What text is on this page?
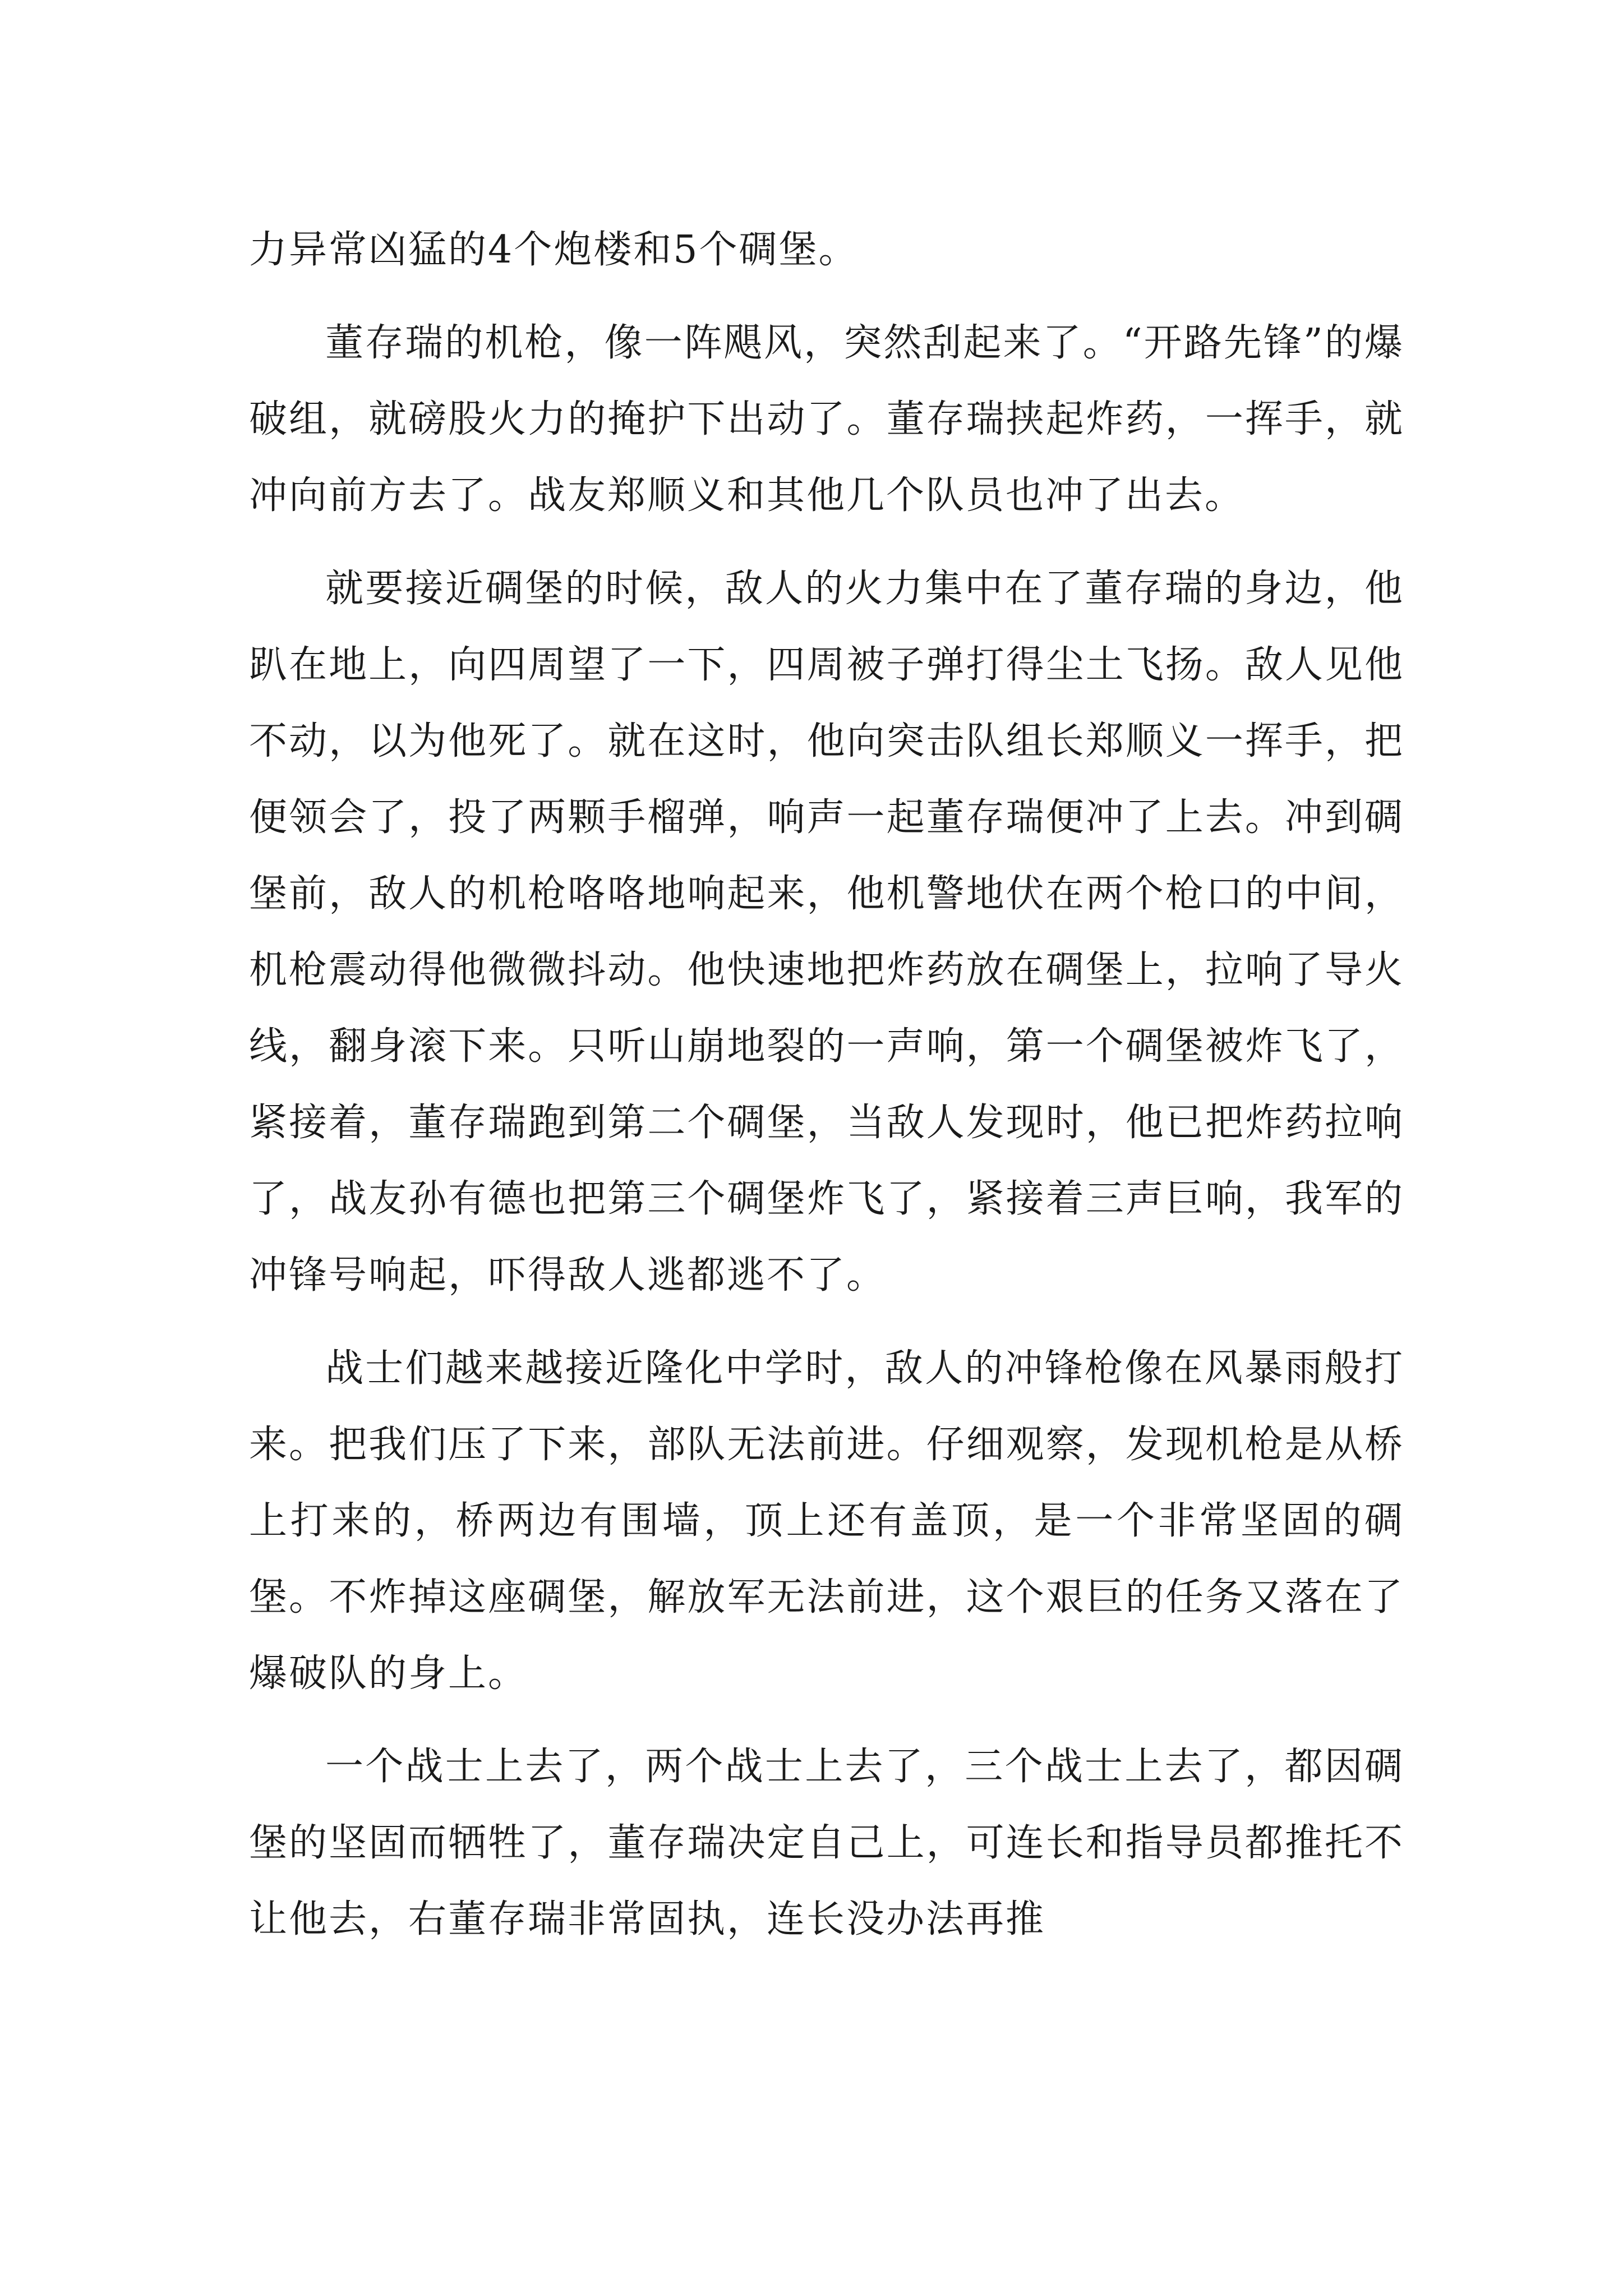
力异常凶猛的4个炮楼和5个碉堡。

董存瑞的机枪，像一阵飓风，突然刮起来了。“开路先锋”的爆破组，就磅股火力的掩护下出动了。董存瑞挟起炸药，一挥手，就冲向前方去了。战友郑顺义和其他几个队员也冲了出去。

就要接近碉堡的时候，敌人的火力集中在了董存瑞的身边，他趴在地上，向四周望了一下，四周被子弹打得尘土飞扬。敌人见他不动，以为他死了。就在这时，他向突击队组长郑顺义一挥手，把便领会了，投了两颗手榴弹，响声一起董存瑞便冲了上去。冲到碉堡前，敌人的机枪咯咯地响起来，他机警地伏在两个枪口的中间，机枪震动得他微微抖动。他快速地把炸药放在碉堡上，拉响了导火线，翻身滚下来。只听山崩地裂的一声响，第一个碉堡被炸飞了，紧接着，董存瑞跑到第二个碉堡，当敌人发现时，他已把炸药拉响了，战友孙有德也把第三个碉堡炸飞了，紧接着三声巨响，我军的冲锋号响起，吓得敌人逃都逃不了。

战士们越来越接近隆化中学时，敌人的冲锋枪像在风暴雨般打来。把我们压了下来，部队无法前进。仔细观察，发现机枪是从桥上打来的，桥两边有围墙，顶上还有盖顶，是一个非常坚固的碉堡。不炸掉这座碉堡，解放军无法前进，这个艰巨的任务又落在了爆破队的身上。

一个战士上去了，两个战士上去了，三个战士上去了，都因碉堡的坚固而牺牲了，董存瑞决定自己上，可连长和指导员都推托不让他去，右董存瑞非常固执，连长没办法再推
